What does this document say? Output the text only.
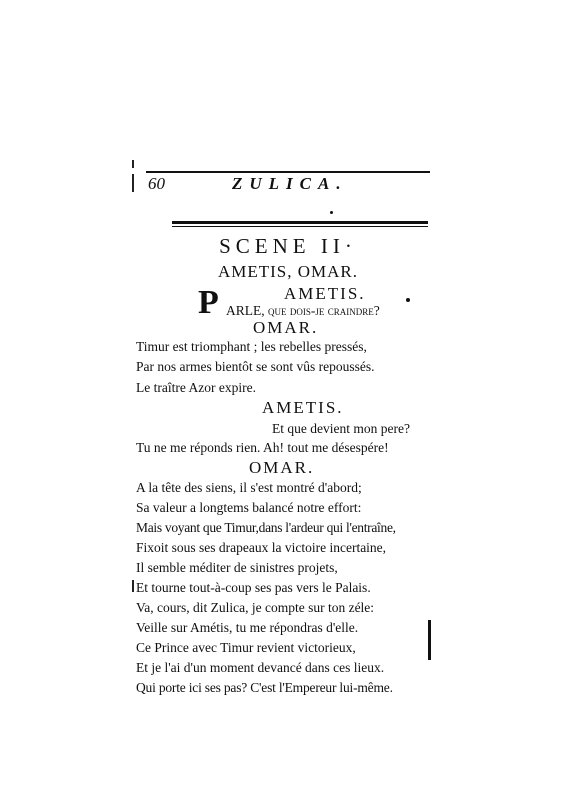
60	ZULICA.
SCENE II·
AMETIS, OMAR.
AMETIS.
P ARLE, que dois-je craindre?
OMAR.
Timur est triomphant ; les rebelles pressés,
Par nos armes bientôt se sont vûs repoussés.
Le traître Azor expire.
AMETIS.
Et que devient mon pere?
Tu ne me réponds rien. Ah! tout me désespére!
OMAR.
A la tête des siens, il s'est montré d'abord;
Sa valeur a longtems balancé notre effort:
Mais voyant que Timur,dans l'ardeur qui l'entraîne,
Fixoit sous ses drapeaux la victoire incertaine,
Il semble méditer de sinistres projets,
Et tourne tout-à-coup ses pas vers le Palais.
Va, cours, dit Zulica, je compte sur ton zéle:
Veille sur Amétis, tu me répondras d'elle.
Ce Prince avec Timur revient victorieux,
Et je l'ai d'un moment devancé dans ces lieux.
Qui porte ici ses pas? C'est l'Empereur lui-même.
